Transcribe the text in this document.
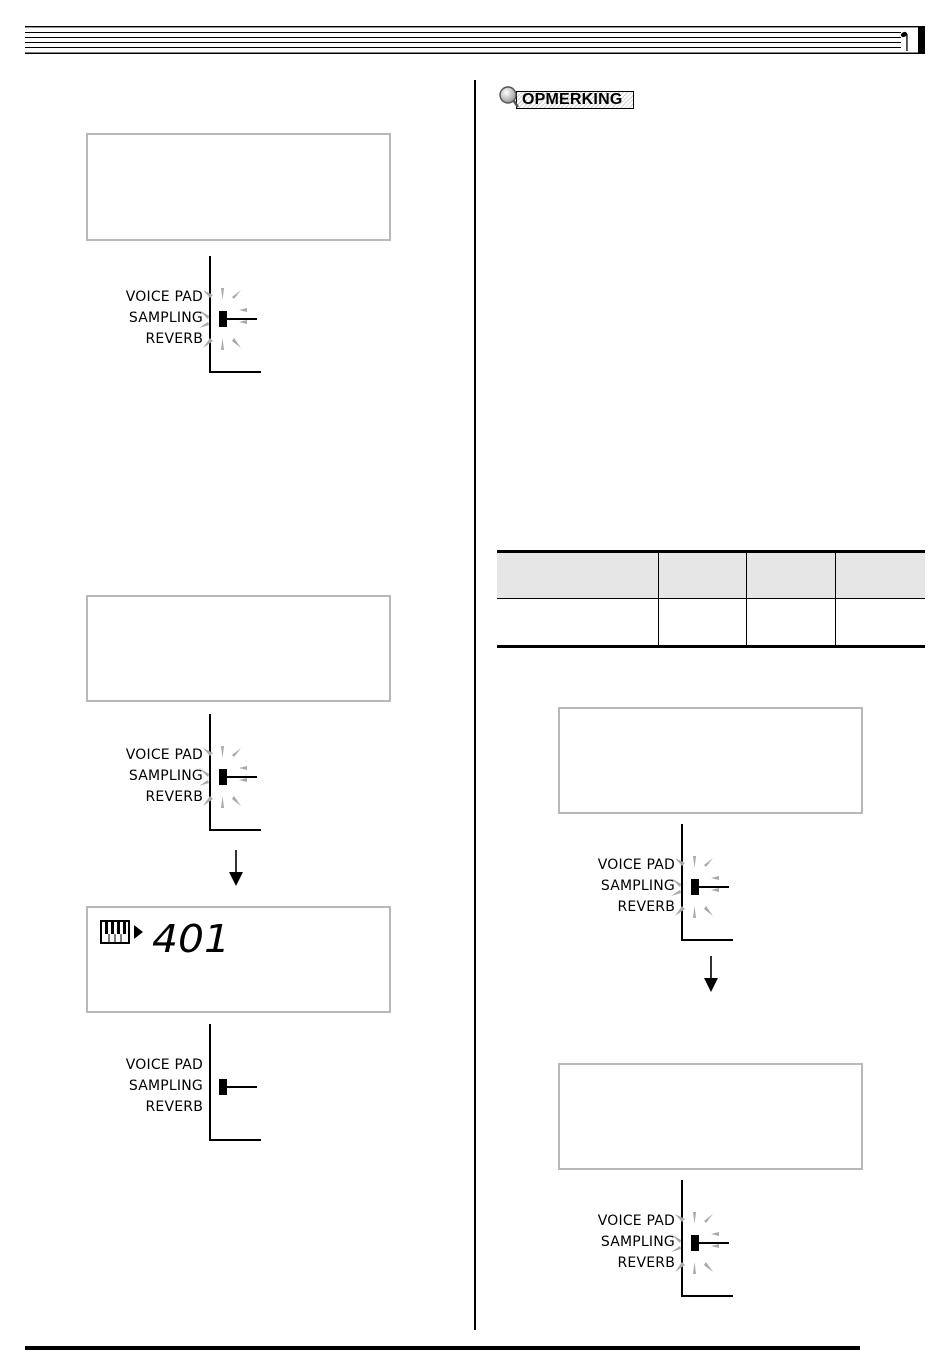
VOICE PAD
SAMPLING
REVERB
VOICE PAD
SAMPLING
REVERB
401
VOICE PAD
SAMPLING
REVERB
OPMERKING
VOICE PAD
SAMPLING
REVERB
VOICE PAD
SAMPLING
REVERB
